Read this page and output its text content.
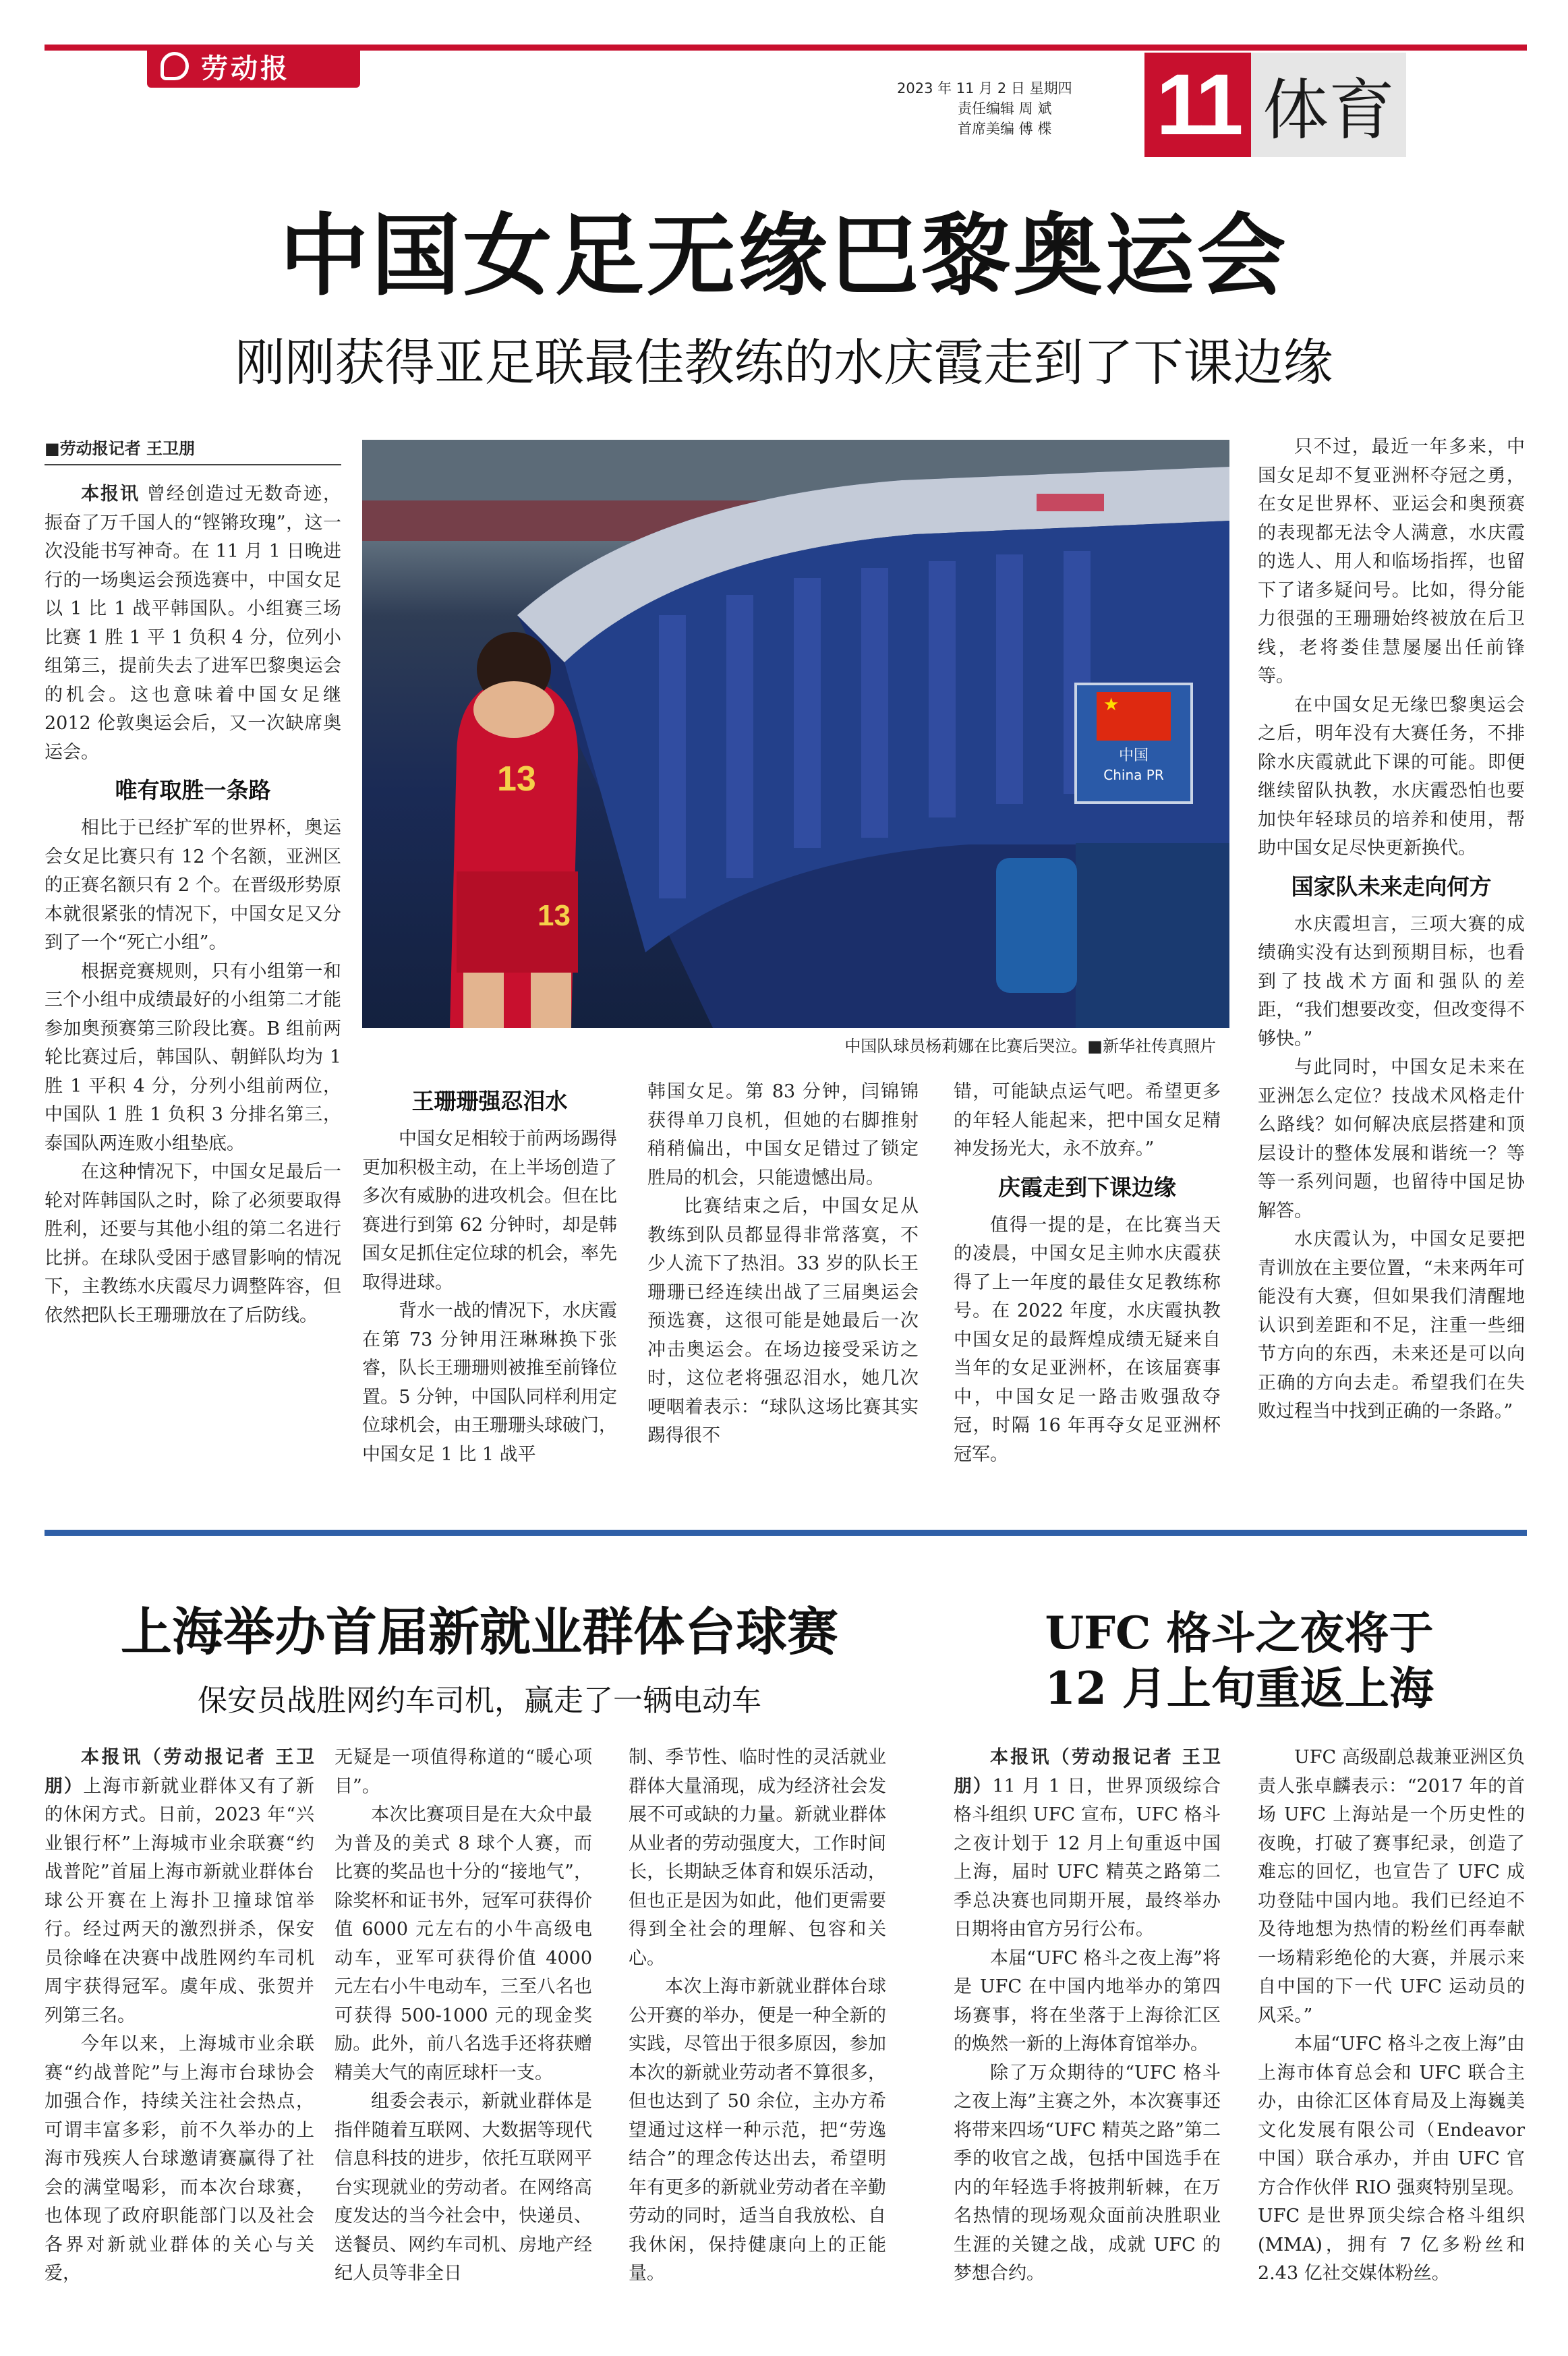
劳动报
2023 年 11 月 2 日 星期四
责任编辑 周 斌
首席美编 傅 楪	11 体育
中国女足无缘巴黎奥运会
刚刚获得亚足联最佳教练的水庆霞走到了下课边缘
■劳动报记者 王卫朋
13
13
★
中国
China PR
中国队球员杨莉娜在比赛后哭泣。■新华社传真照片

本报讯 曾经创造过无数奇迹，振奋了万千国人的“铿锵玫瑰”，这一次没能书写神奇。在 11 月 1 日晚进行的一场奥运会预选赛中，中国女足以 1 比 1 战平韩国队。小组赛三场比赛 1 胜 1 平 1 负积 4 分，位列小组第三，提前失去了进军巴黎奥运会的机会。这也意味着中国女足继 2012 伦敦奥运会后，又一次缺席奥运会。

唯有取胜一条路

相比于已经扩军的世界杯，奥运会女足比赛只有 12 个名额，亚洲区的正赛名额只有 2 个。在晋级形势原本就很紧张的情况下，中国女足又分到了一个“死亡小组”。

根据竞赛规则，只有小组第一和三个小组中成绩最好的小组第二才能参加奥预赛第三阶段比赛。B 组前两轮比赛过后，韩国队、朝鲜队均为 1 胜 1 平积 4 分，分列小组前两位，中国队 1 胜 1 负积 3 分排名第三，泰国队两连败小组垫底。

在这种情况下，中国女足最后一轮对阵韩国队之时，除了必须要取得胜利，还要与其他小组的第二名进行比拼。在球队受困于感冒影响的情况下，主教练水庆霞尽力调整阵容，但依然把队长王珊珊放在了后防线。

王珊珊强忍泪水

中国女足相较于前两场踢得更加积极主动，在上半场创造了多次有威胁的进攻机会。但在比赛进行到第 62 分钟时，却是韩国女足抓住定位球的机会，率先取得进球。

背水一战的情况下，水庆霞在第 73 分钟用汪琳琳换下张睿，队长王珊珊则被推至前锋位置。5 分钟，中国队同样利用定位球机会，由王珊珊头球破门，中国女足 1 比 1 战平

韩国女足。第 83 分钟，闫锦锦获得单刀良机，但她的右脚推射稍稍偏出，中国女足错过了锁定胜局的机会，只能遗憾出局。

比赛结束之后，中国女足从教练到队员都显得非常落寞，不少人流下了热泪。33 岁的队长王珊珊已经连续出战了三届奥运会预选赛，这很可能是她最后一次冲击奥运会。在场边接受采访之时，这位老将强忍泪水，她几次哽咽着表示：“球队这场比赛其实踢得很不

错，可能缺点运气吧。希望更多的年轻人能起来，把中国女足精神发扬光大，永不放弃。”

庆霞走到下课边缘

值得一提的是，在比赛当天的凌晨，中国女足主帅水庆霞获得了上一年度的最佳女足教练称号。在 2022 年度，水庆霞执教中国女足的最辉煌成绩无疑来自当年的女足亚洲杯，在该届赛事中，中国女足一路击败强敌夺冠，时隔 16 年再夺女足亚洲杯冠军。

只不过，最近一年多来，中国女足却不复亚洲杯夺冠之勇，在女足世界杯、亚运会和奥预赛的表现都无法令人满意，水庆霞的选人、用人和临场指挥，也留下了诸多疑问号。比如，得分能力很强的王珊珊始终被放在后卫线，老将娄佳慧屡屡出任前锋等。

在中国女足无缘巴黎奥运会之后，明年没有大赛任务，不排除水庆霞就此下课的可能。即便继续留队执教，水庆霞恐怕也要加快年轻球员的培养和使用，帮助中国女足尽快更新换代。

国家队未来走向何方

水庆霞坦言，三项大赛的成绩确实没有达到预期目标，也看到了技战术方面和强队的差距，“我们想要改变，但改变得不够快。”

与此同时，中国女足未来在亚洲怎么定位？技战术风格走什么路线？如何解决底层搭建和顶层设计的整体发展和谐统一？等等一系列问题，也留待中国足协解答。

水庆霞认为，中国女足要把青训放在主要位置，“未来两年可能没有大赛，但如果我们清醒地认识到差距和不足，注重一些细节方向的东西，未来还是可以向正确的方向去走。希望我们在失败过程当中找到正确的一条路。”

上海举办首届新就业群体台球赛
保安员战胜网约车司机，赢走了一辆电动车

本报讯（劳动报记者 王卫朋）上海市新就业群体又有了新的休闲方式。日前，2023 年“兴业银行杯”上海城市业余联赛“约战普陀”首届上海市新就业群体台球公开赛在上海扑卫撞球馆举行。经过两天的激烈拼杀，保安员徐峰在决赛中战胜网约车司机周宇获得冠军。虞年成、张贺并列第三名。

今年以来，上海城市业余联赛“约战普陀”与上海市台球协会加强合作，持续关注社会热点，可谓丰富多彩，前不久举办的上海市残疾人台球邀请赛赢得了社会的满堂喝彩，而本次台球赛，也体现了政府职能部门以及社会各界对新就业群体的关心与关爱，

无疑是一项值得称道的“暖心项目”。

本次比赛项目是在大众中最为普及的美式 8 球个人赛，而比赛的奖品也十分的“接地气”，除奖杯和证书外，冠军可获得价值 6000 元左右的小牛高级电动车，亚军可获得价值 4000 元左右小牛电动车，三至八名也可获得 500-1000 元的现金奖励。此外，前八名选手还将获赠精美大气的南匠球杆一支。

组委会表示，新就业群体是指伴随着互联网、大数据等现代信息科技的进步，依托互联网平台实现就业的劳动者。在网络高度发达的当今社会中，快递员、送餐员、网约车司机、房地产经纪人员等非全日

制、季节性、临时性的灵活就业群体大量涌现，成为经济社会发展不可或缺的力量。新就业群体从业者的劳动强度大，工作时间长，长期缺乏体育和娱乐活动，但也正是因为如此，他们更需要得到全社会的理解、包容和关心。

本次上海市新就业群体台球公开赛的举办，便是一种全新的实践，尽管出于很多原因，参加本次的新就业劳动者不算很多，但也达到了 50 余位，主办方希望通过这样一种示范，把“劳逸结合”的理念传达出去，希望明年有更多的新就业劳动者在辛勤劳动的同时，适当自我放松、自我休闲，保持健康向上的正能量。

UFC 格斗之夜将于
12 月上旬重返上海

本报讯（劳动报记者 王卫朋）11 月 1 日，世界顶级综合格斗组织 UFC 宣布，UFC 格斗之夜计划于 12 月上旬重返中国上海，届时 UFC 精英之路第二季总决赛也同期开展，最终举办日期将由官方另行公布。

本届“UFC 格斗之夜上海”将是 UFC 在中国内地举办的第四场赛事，将在坐落于上海徐汇区的焕然一新的上海体育馆举办。

除了万众期待的“UFC 格斗之夜上海”主赛之外，本次赛事还将带来四场“UFC 精英之路”第二季的收官之战，包括中国选手在内的年轻选手将披荆斩棘，在万名热情的现场观众面前决胜职业生涯的关键之战，成就 UFC 的梦想合约。

UFC 高级副总裁兼亚洲区负责人张卓麟表示：“2017 年的首场 UFC 上海站是一个历史性的夜晚，打破了赛事纪录，创造了难忘的回忆，也宣告了 UFC 成功登陆中国内地。我们已经迫不及待地想为热情的粉丝们再奉献一场精彩绝伦的大赛，并展示来自中国的下一代 UFC 运动员的风采。”

本届“UFC 格斗之夜上海”由上海市体育总会和 UFC 联合主办，由徐汇区体育局及上海巍美文化发展有限公司（Endeavor 中国）联合承办，并由 UFC 官方合作伙伴 RIO 强爽特别呈现。UFC 是世界顶尖综合格斗组织(MMA)，拥有 7 亿多粉丝和 2.43 亿社交媒体粉丝。
